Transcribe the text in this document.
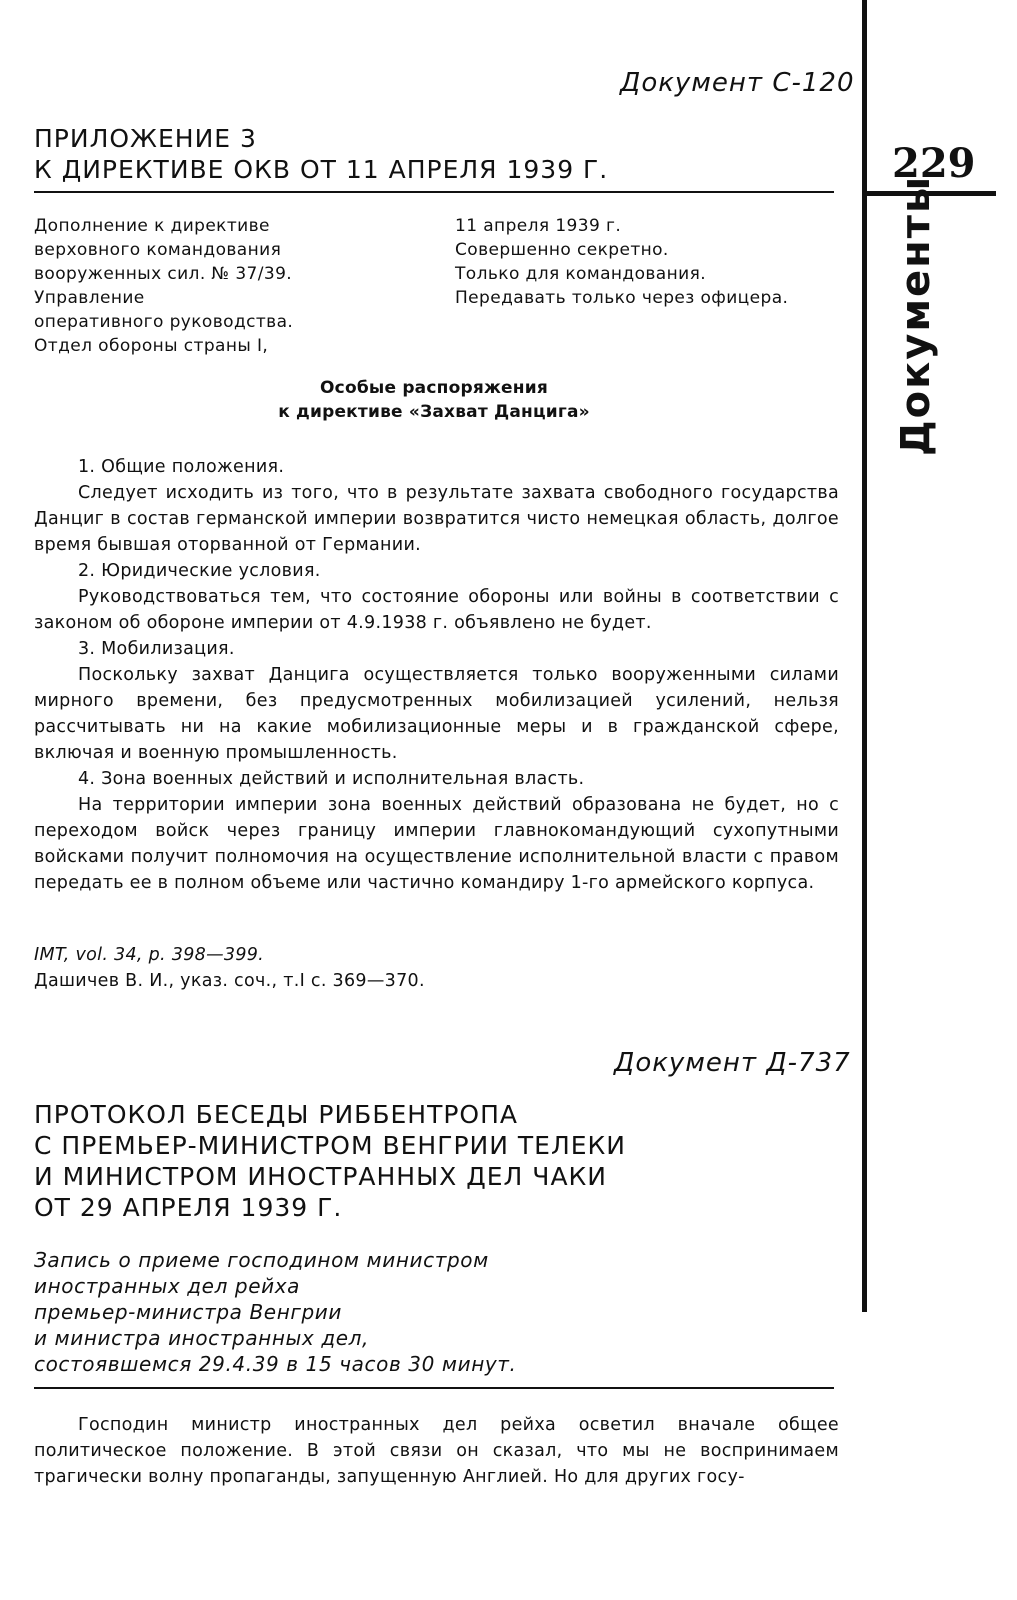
229
Документы
Документ С-120
ПРИЛОЖЕНИЕ 3
К ДИРЕКТИВЕ ОКВ ОТ 11 АПРЕЛЯ 1939 Г.
Дополнение к директиве
верховного командования
вооруженных сил. № 37/39.
Управление
оперативного руководства.
Отдел обороны страны I,
11 апреля 1939 г.
Совершенно секретно.
Только для командования.
Передавать только через офицера.
Особые распоряжения
к директиве «Захват Данцига»

1. Общие положения.

Следует исходить из того, что в результате захвата свободного государства Данциг в состав германской империи возвратится чисто немецкая область, долгое время бывшая оторванной от Германии.

2. Юридические условия.

Руководствоваться тем, что состояние обороны или войны в соответствии с законом об обороне империи от 4.9.1938 г. объявлено не будет.

3. Мобилизация.

Поскольку захват Данцига осуществляется только вооруженными силами мирного времени, без предусмотренных мобилизацией усилений, нельзя рассчитывать ни на какие мобилизационные меры и в гражданской сфере, включая и военную промышленность.

4. Зона военных действий и исполнительная власть.

На территории империи зона военных действий образована не будет, но с переходом войск через границу империи главнокомандующий сухопутными войсками получит полномочия на осуществление исполнительной власти с правом передать ее в полном объеме или частично командиру 1-го армейского корпуса.

IMT, vol. 34, p. 398—399.
Дашичев В. И., указ. соч., т.I с. 369—370.
Документ Д-737
ПРОТОКОЛ БЕСЕДЫ РИББЕНТРОПА
С ПРЕМЬЕР-МИНИСТРОМ ВЕНГРИИ ТЕЛЕКИ
И МИНИСТРОМ ИНОСТРАННЫХ ДЕЛ ЧАКИ
ОТ 29 АПРЕЛЯ 1939 Г.
Запись о приеме господином министром
иностранных дел рейха
премьер-министра Венгрии
и министра иностранных дел,
состоявшемся 29.4.39 в 15 часов 30 минут.

Господин министр иностранных дел рейха осветил вначале общее политическое положение. В этой связи он сказал, что мы не воспринимаем трагически волну пропаганды, запущенную Англией. Но для других госу-
